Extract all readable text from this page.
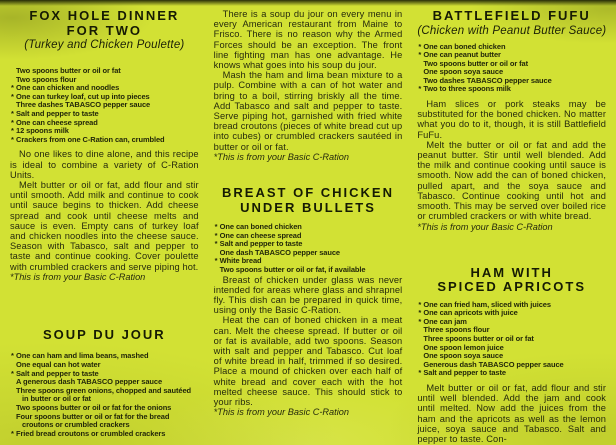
FOX HOLE DINNER
FOR TWO
(Turkey and Chicken Poulette)
Two spoons butter or oil or fat
Two spoons flour
* One can chicken and noodles
* One can turkey loaf, cut up into pieces
Three dashes TABASCO pepper sauce
* Salt and pepper to taste
* One can cheese spread
* 12 spoons milk
* Crackers from one C-Ration can, crumbled
No one likes to dine alone, and this recipe is ideal to combine a variety of C-Ration Units.
Melt butter or oil or fat, add flour and stir until smooth. Add milk and continue to cook until sauce begins to thicken. Add cheese spread and cook until cheese melts and sauce is even. Empty cans of turkey loaf and chicken noodles into the cheese sauce. Season with Tabasco, salt and pepper to taste and continue cooking. Cover poulette with crumbled crackers and serve piping hot.
*This is from your Basic C-Ration
SOUP DU JOUR
* One can ham and lima beans, mashed
One equal can hot water
* Salt and pepper to taste
A generous dash TABASCO pepper sauce
Three spoons green onions, chopped and sautéed in butter or oil or fat
Two spoons butter or oil or fat for the onions
Four spoons butter or oil or fat for the bread croutons or crumbled crackers
* Fried bread croutons or crumbled crackers
There is a soup du jour on every menu in every American restaurant from Maine to Frisco. There is no reason why the Armed Forces should be an exception. The front line fighting man has one advantage. He knows what goes into his soup du jour.
Mash the ham and lima bean mixture to a pulp. Combine with a can of hot water and bring to a boil, stirring briskly all the time. Add Tabasco and salt and pepper to taste. Serve piping hot, garnished with fried white bread croutons (pieces of white bread cut up into cubes) or crumbled crackers sautéed in butter or oil or fat.
*This is from your Basic C-Ration
BREAST OF CHICKEN
UNDER BULLETS
* One can boned chicken
* One can cheese spread
* Salt and pepper to taste
One dash TABASCO pepper sauce
* White bread
Two spoons butter or oil or fat, if available
Breast of chicken under glass was never intended for areas where glass and shrapnel fly. This dish can be prepared in quick time, using only the Basic C-Ration.
Heat the can of boned chicken in a meat can. Melt the cheese spread. If butter or oil or fat is available, add two spoons. Season with salt and pepper and Tabasco. Cut loaf of white bread in half, trimmed if so desired. Place a mound of chicken over each half of white bread and cover each with the hot melted cheese sauce. This should stick to your ribs.
*This is from your Basic C-Ration
BATTLEFIELD FUFU
(Chicken with Peanut Butter Sauce)
* One can boned chicken
* One can peanut butter
Two spoons butter or oil or fat
One spoon soya sauce
Two dashes TABASCO pepper sauce
* Two to three spoons milk
Ham slices or pork steaks may be substituted for the boned chicken. No matter what you do to it, though, it is still Battlefield FuFu.
Melt the butter or oil or fat and add the peanut butter. Stir until well blended. Add the milk and continue cooking until sauce is smooth. Now add the can of boned chicken, pulled apart, and the soya sauce and Tabasco. Continue cooking until hot and smooth. This may be served over boiled rice or crumbled crackers or with white bread.
*This is from your Basic C-Ration
HAM WITH
SPICED APRICOTS
* One can fried ham, sliced with juices
* One can apricots with juice
* One can jam
Three spoons flour
Three spoons butter or oil or fat
One spoon lemon juice
One spoon soya sauce
Generous dash TABASCO pepper sauce
* Salt and pepper to taste
Melt butter or oil or fat, add flour and stir until well blended. Add the jam and cook until melted. Now add the juices from the ham and the apricots as well as the lemon juice, soya sauce and Tabasco. Salt and pepper to taste. Con-
